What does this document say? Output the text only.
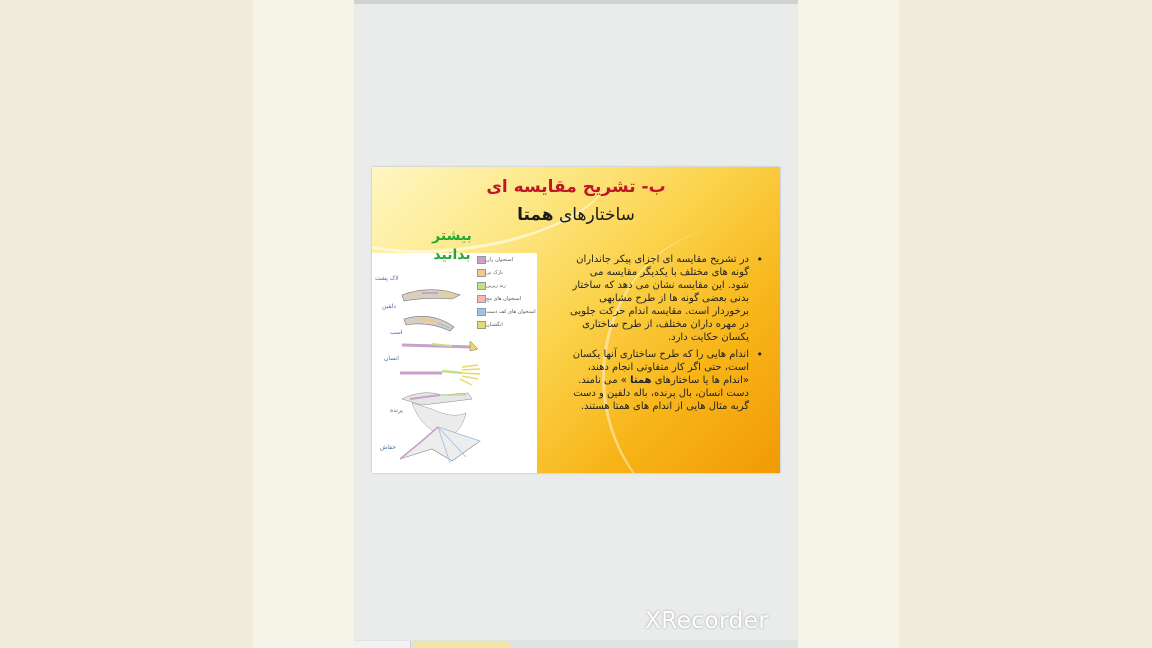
ب- تشریح مقایسه ای
ساختارهای همتا
استخوان ران
نازک نی
زند زیرین
استخوان های مچ
استخوان های کف دست
انگشتان
لاک پشت
دلفین
اسب
انسان
پرنده
خفاش
بیشتر
بدانید	•
در تشریح مقایسه ای اجزای پیکر جانداران گونه های مختلف با یکدیگر مقایسه می شود. این مقایسه نشان می دهد که ساختار بدنی بعضی گونه ها از طرح مشابهی برخوردار است. مقایسه اندام حرکت جلویی در مهره داران مختلف، از طرح ساختاری یکسان حکایت دارد.
•
اندام هایی را که طرح ساختاری آنها یکسان است، حتی اگر کار متفاوتی انجام دهند، «اندام ها یا ساختارهای همتا » می نامند. دست انسان، بال پرنده، باله دلفین و دست گربه مثال هایی از اندام های همتا هستند.
XRecorder
